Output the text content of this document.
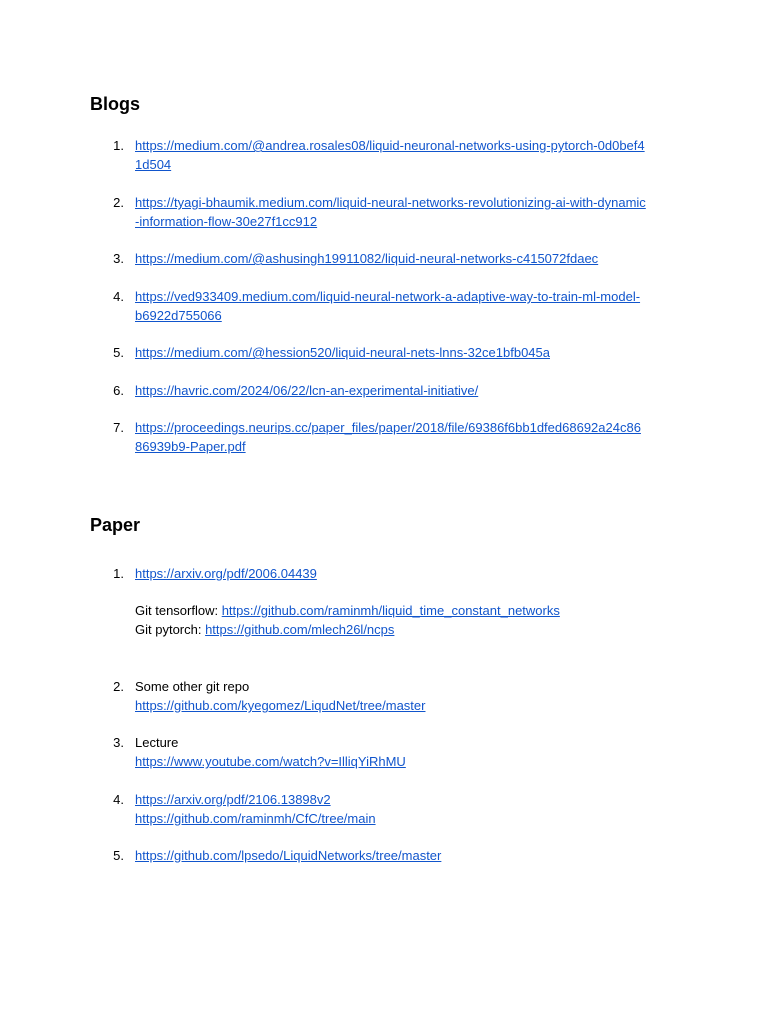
Blogs
1. https://medium.com/@andrea.rosales08/liquid-neuronal-networks-using-pytorch-0d0bef4
1d504
2. https://tyagi-bhaumik.medium.com/liquid-neural-networks-revolutionizing-ai-with-dynamic
-information-flow-30e27f1cc912
3. https://medium.com/@ashusingh19911082/liquid-neural-networks-c415072fdaec
4. https://ved933409.medium.com/liquid-neural-network-a-adaptive-way-to-train-ml-model-
b6922d755066
5. https://medium.com/@hession520/liquid-neural-nets-lnns-32ce1bfb045a
6. https://havric.com/2024/06/22/lcn-an-experimental-initiative/
7. https://proceedings.neurips.cc/paper_files/paper/2018/file/69386f6bb1dfed68692a24c86
86939b9-Paper.pdf
Paper
1. https://arxiv.org/pdf/2006.04439
Git tensorflow: https://github.com/raminmh/liquid_time_constant_networks
Git pytorch: https://github.com/mlech26l/ncps
2. Some other git repo
https://github.com/kyegomez/LiqudNet/tree/master
3. Lecture
https://www.youtube.com/watch?v=IlliqYiRhMU
4. https://arxiv.org/pdf/2106.13898v2
https://github.com/raminmh/CfC/tree/main
5. https://github.com/lpsedo/LiquidNetworks/tree/master
